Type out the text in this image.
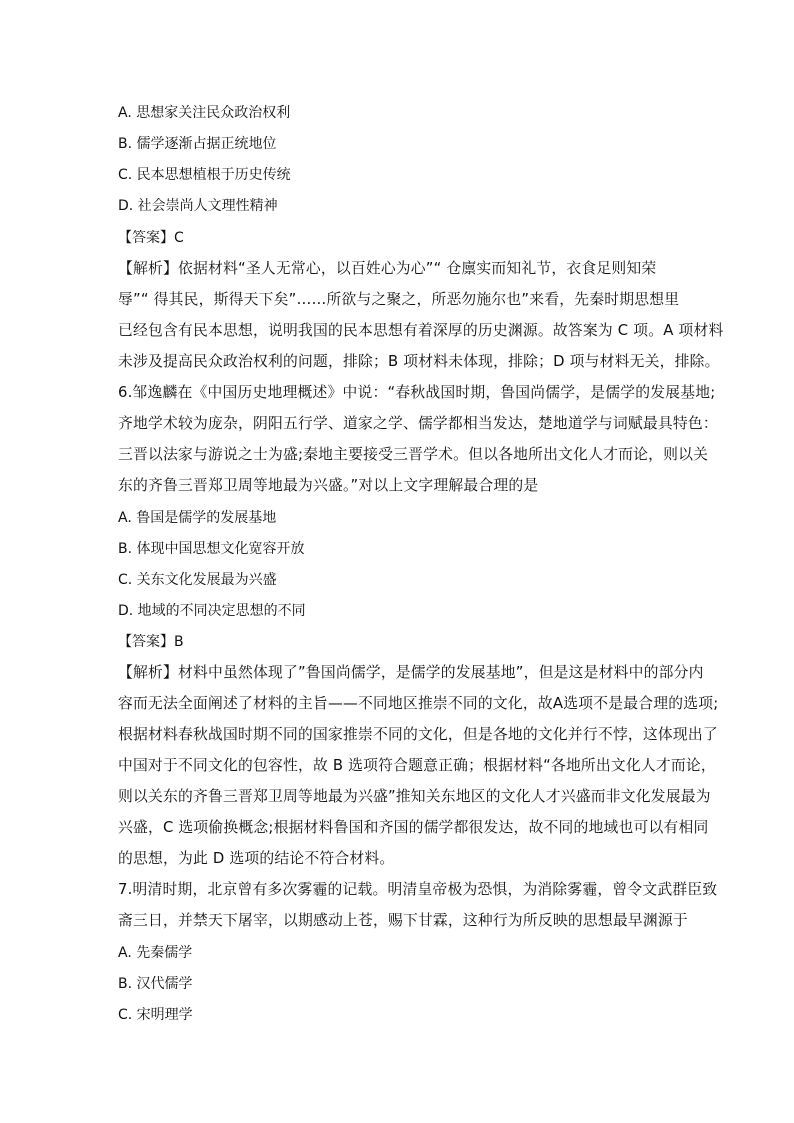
A. 思想家关注民众政治权利
B. 儒学逐渐占据正统地位
C. 民本思想植根于历史传统
D. 社会崇尚人文理性精神
【答案】C
【解析】依据材料“圣人无常心，以百姓心为心”“ 仓廪实而知礼节，衣食足则知荣
辱”“ 得其民，斯得天下矣”……所欲与之聚之，所恶勿施尔也”来看，先秦时期思想里
已经包含有民本思想，说明我国的民本思想有着深厚的历史渊源。故答案为 C 项。A 项材料
未涉及提高民众政治权利的问题，排除；B 项材料未体现，排除；D 项与材料无关，排除。
6.邹逸麟在《中国历史地理概述》中说：“春秋战国时期，鲁国尚儒学，是儒学的发展基地;
齐地学术较为庞杂，阴阳五行学、道家之学、儒学都相当发达，楚地道学与词赋最具特色：
三晋以法家与游说之士为盛;秦地主要接受三晋学术。但以各地所出文化人才而论，则以关
东的齐鲁三晋郑卫周等地最为兴盛。”对以上文字理解最合理的是
A. 鲁国是儒学的发展基地
B. 体现中国思想文化宽容开放
C. 关东文化发展最为兴盛
D. 地域的不同决定思想的不同
【答案】B
【解析】材料中虽然体现了”鲁国尚儒学，是儒学的发展基地”，但是这是材料中的部分内
容而无法全面阐述了材料的主旨——不同地区推崇不同的文化，故A选项不是最合理的选项;
根据材料春秋战国时期不同的国家推崇不同的文化，但是各地的文化并行不悖，这体现出了
中国对于不同文化的包容性，故 B 选项符合题意正确；根据材料“各地所出文化人才而论，
则以关东的齐鲁三晋郑卫周等地最为兴盛”推知关东地区的文化人才兴盛而非文化发展最为
兴盛，C 选项偷换概念;根据材料鲁国和齐国的儒学都很发达，故不同的地域也可以有相同
的思想，为此 D 选项的结论不符合材料。
7.明清时期，北京曾有多次雾霾的记载。明清皇帝极为恐惧，为消除雾霾，曾令文武群臣致
斋三日，并禁天下屠宰，以期感动上苍，赐下甘霖，这种行为所反映的思想最早渊源于
A. 先秦儒学
B. 汉代儒学
C. 宋明理学
